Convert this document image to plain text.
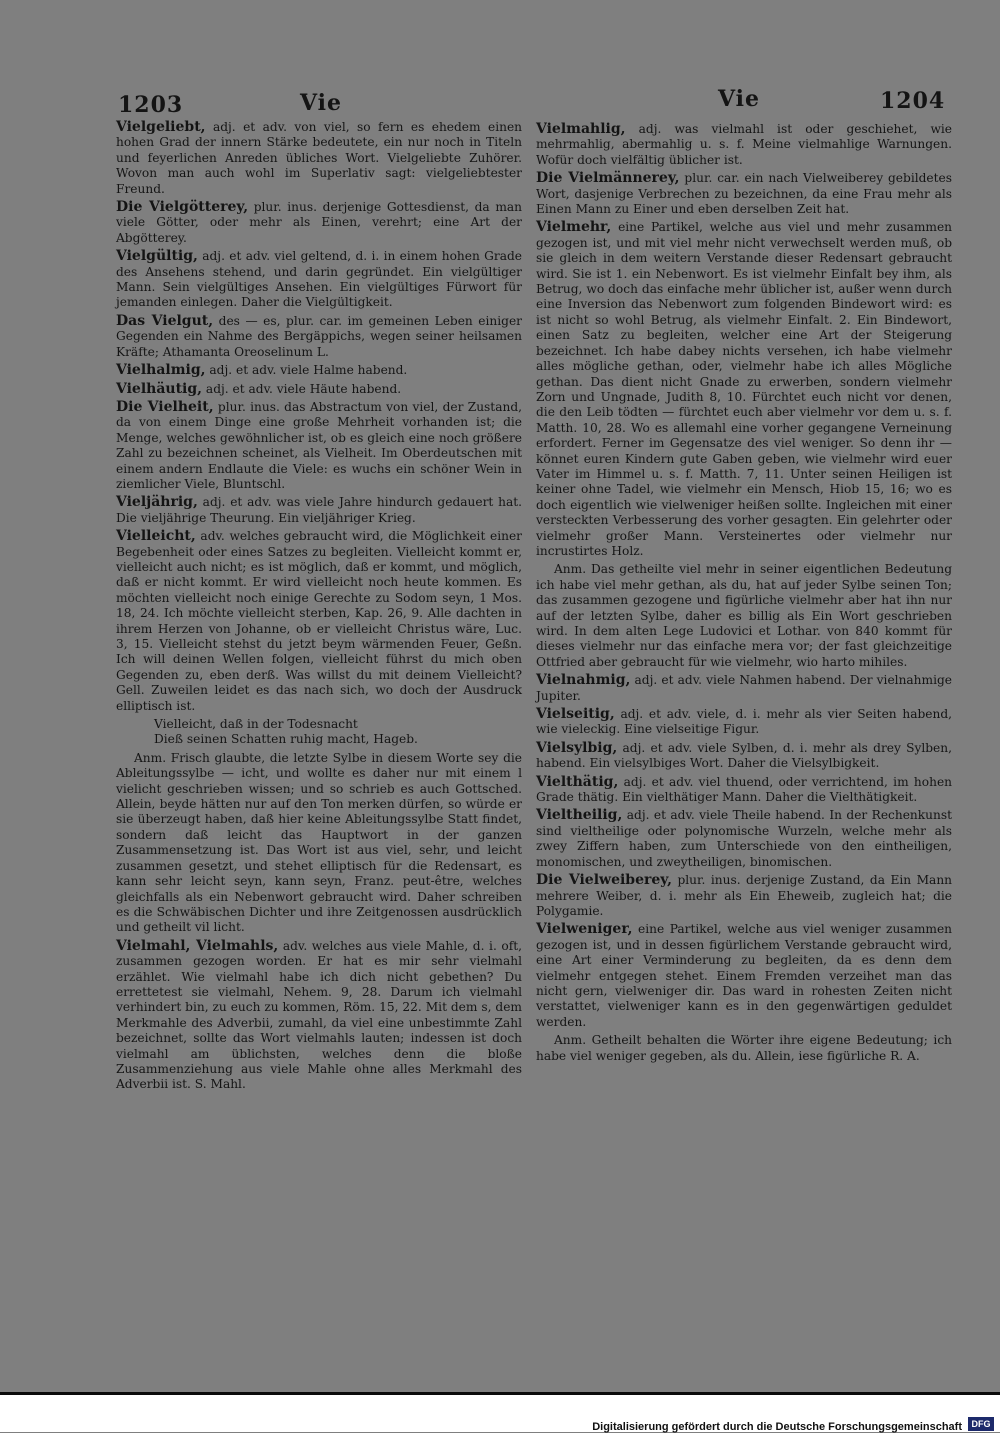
1203	Vie	Vie	1204

Vielgeliebt, adj. et adv. von viel, so fern es ehedem einen hohen Grad der innern Stärke bedeutete, ein nur noch in Titeln und feyerlichen Anreden übliches Wort. Vielgeliebte Zuhörer. Wovon man auch wohl im Superlativ sagt: vielgeliebtester Freund.

Die Vielgötterey, plur. inus. derjenige Gottesdienst, da man viele Götter, oder mehr als Einen, verehrt; eine Art der Abgötterey.

Vielgültig, adj. et adv. viel geltend, d. i. in einem hohen Grade des Ansehens stehend, und darin gegründet. Ein vielgültiger Mann. Sein vielgültiges Ansehen. Ein vielgültiges Fürwort für jemanden einlegen. Daher die Vielgültigkeit.

Das Vielgut, des — es, plur. car. im gemeinen Leben einiger Gegenden ein Nahme des Bergäppichs, wegen seiner heilsamen Kräfte; Athamanta Oreoselinum L.

Vielhalmig, adj. et adv. viele Halme habend.

Vielhäutig, adj. et adv. viele Häute habend.

Die Vielheit, plur. inus. das Abstractum von viel, der Zustand, da von einem Dinge eine große Mehrheit vorhanden ist; die Menge, welches gewöhnlicher ist, ob es gleich eine noch größere Zahl zu bezeichnen scheinet, als Vielheit. Im Oberdeutschen mit einem andern Endlaute die Viele: es wuchs ein schöner Wein in ziemlicher Viele, Bluntschl.

Vieljährig, adj. et adv. was viele Jahre hindurch gedauert hat. Die vieljährige Theurung. Ein vieljähriger Krieg.

Vielleicht, adv. welches gebraucht wird, die Möglichkeit einer Begebenheit oder eines Satzes zu begleiten. Vielleicht kommt er, vielleicht auch nicht; es ist möglich, daß er kommt, und möglich, daß er nicht kommt. Er wird vielleicht noch heute kommen. Es möchten vielleicht noch einige Gerechte zu Sodom seyn, 1 Mos. 18, 24. Ich möchte vielleicht sterben, Kap. 26, 9. Alle dachten in ihrem Herzen von Johanne, ob er vielleicht Christus wäre, Luc. 3, 15. Vielleicht stehst du jetzt beym wärmenden Feuer, Geßn. Ich will deinen Wellen folgen, vielleicht führst du mich oben Gegenden zu, eben derß. Was willst du mit deinem Vielleicht? Gell. Zuweilen leidet es das nach sich, wo doch der Ausdruck elliptisch ist.

Vielleicht, daß in der Todesnacht
Dieß seinen Schatten ruhig macht, Hageb.

Anm. Frisch glaubte, die letzte Sylbe in diesem Worte sey die Ableitungssylbe — icht, und wollte es daher nur mit einem l vielicht geschrieben wissen; und so schrieb es auch Gottsched. Allein, beyde hätten nur auf den Ton merken dürfen, so würde er sie überzeugt haben, daß hier keine Ableitungssylbe Statt findet, sondern daß leicht das Hauptwort in der ganzen Zusammensetzung ist. Das Wort ist aus viel, sehr, und leicht zusammen gesetzt, und stehet elliptisch für die Redensart, es kann sehr leicht seyn, kann seyn, Franz. peut-être, welches gleichfalls als ein Nebenwort gebraucht wird. Daher schreiben es die Schwäbischen Dichter und ihre Zeitgenossen ausdrücklich und getheilt vil licht.

Vielmahl, Vielmahls, adv. welches aus viele Mahle, d. i. oft, zusammen gezogen worden. Er hat es mir sehr vielmahl erzählet. Wie vielmahl habe ich dich nicht gebethen? Du errettetest sie vielmahl, Nehem. 9, 28. Darum ich vielmahl verhindert bin, zu euch zu kommen, Röm. 15, 22. Mit dem s, dem Merkmahle des Adverbii, zumahl, da viel eine unbestimmte Zahl bezeichnet, sollte das Wort vielmahls lauten; indessen ist doch vielmahl am üblichsten, welches denn die bloße Zusammenziehung aus viele Mahle ohne alles Merkmahl des Adverbii ist. S. Mahl.

Vielmahlig, adj. was vielmahl ist oder geschiehet, wie mehrmahlig, abermahlig u. s. f. Meine vielmahlige Warnungen. Wofür doch vielfältig üblicher ist.

Die Vielmännerey, plur. car. ein nach Vielweiberey gebildetes Wort, dasjenige Verbrechen zu bezeichnen, da eine Frau mehr als Einen Mann zu Einer und eben derselben Zeit hat.

Vielmehr, eine Partikel, welche aus viel und mehr zusammen gezogen ist, und mit viel mehr nicht verwechselt werden muß, ob sie gleich in dem weitern Verstande dieser Redensart gebraucht wird. Sie ist 1. ein Nebenwort. Es ist vielmehr Einfalt bey ihm, als Betrug, wo doch das einfache mehr üblicher ist, außer wenn durch eine Inversion das Nebenwort zum folgenden Bindewort wird: es ist nicht so wohl Betrug, als vielmehr Einfalt. 2. Ein Bindewort, einen Satz zu begleiten, welcher eine Art der Steigerung bezeichnet. Ich habe dabey nichts versehen, ich habe vielmehr alles mögliche gethan, oder, vielmehr habe ich alles Mögliche gethan. Das dient nicht Gnade zu erwerben, sondern vielmehr Zorn und Ungnade, Judith 8, 10. Fürchtet euch nicht vor denen, die den Leib tödten — fürchtet euch aber vielmehr vor dem u. s. f. Matth. 10, 28. Wo es allemahl eine vorher gegangene Verneinung erfordert. Ferner im Gegensatze des viel weniger. So denn ihr — könnet euren Kindern gute Gaben geben, wie vielmehr wird euer Vater im Himmel u. s. f. Matth. 7, 11. Unter seinen Heiligen ist keiner ohne Tadel, wie vielmehr ein Mensch, Hiob 15, 16; wo es doch eigentlich wie vielweniger heißen sollte. Ingleichen mit einer versteckten Verbesserung des vorher gesagten. Ein gelehrter oder vielmehr großer Mann. Versteinertes oder vielmehr nur incrustirtes Holz.

Anm. Das getheilte viel mehr in seiner eigentlichen Bedeutung ich habe viel mehr gethan, als du, hat auf jeder Sylbe seinen Ton; das zusammen gezogene und figürliche vielmehr aber hat ihn nur auf der letzten Sylbe, daher es billig als Ein Wort geschrieben wird. In dem alten Lege Ludovici et Lothar. von 840 kommt für dieses vielmehr nur das einfache mera vor; der fast gleichzeitige Ottfried aber gebraucht für wie vielmehr, wio harto mihiles.

Vielnahmig, adj. et adv. viele Nahmen habend. Der vielnahmige Jupiter.

Vielseitig, adj. et adv. viele, d. i. mehr als vier Seiten habend, wie vieleckig. Eine vielseitige Figur.

Vielsylbig, adj. et adv. viele Sylben, d. i. mehr als drey Sylben, habend. Ein vielsylbiges Wort. Daher die Vielsylbigkeit.

Vielthätig, adj. et adv. viel thuend, oder verrichtend, im hohen Grade thätig. Ein vielthätiger Mann. Daher die Vielthätigkeit.

Vieltheilig, adj. et adv. viele Theile habend. In der Rechenkunst sind vieltheilige oder polynomische Wurzeln, welche mehr als zwey Ziffern haben, zum Unterschiede von den eintheiligen, monomischen, und zweytheiligen, binomischen.

Die Vielweiberey, plur. inus. derjenige Zustand, da Ein Mann mehrere Weiber, d. i. mehr als Ein Eheweib, zugleich hat; die Polygamie.

Vielweniger, eine Partikel, welche aus viel weniger zusammen gezogen ist, und in dessen figürlichem Verstande gebraucht wird, eine Art einer Verminderung zu begleiten, da es denn dem vielmehr entgegen stehet. Einem Fremden verzeihet man das nicht gern, vielweniger dir. Das ward in rohesten Zeiten nicht verstattet, vielweniger kann es in den gegenwärtigen geduldet werden.

Anm. Getheilt behalten die Wörter ihre eigene Bedeutung; ich habe viel weniger gegeben, als du. Allein, iese figürliche R. A.

Digitalisierung gefördert durch die Deutsche Forschungsgemeinschaft	DFG
